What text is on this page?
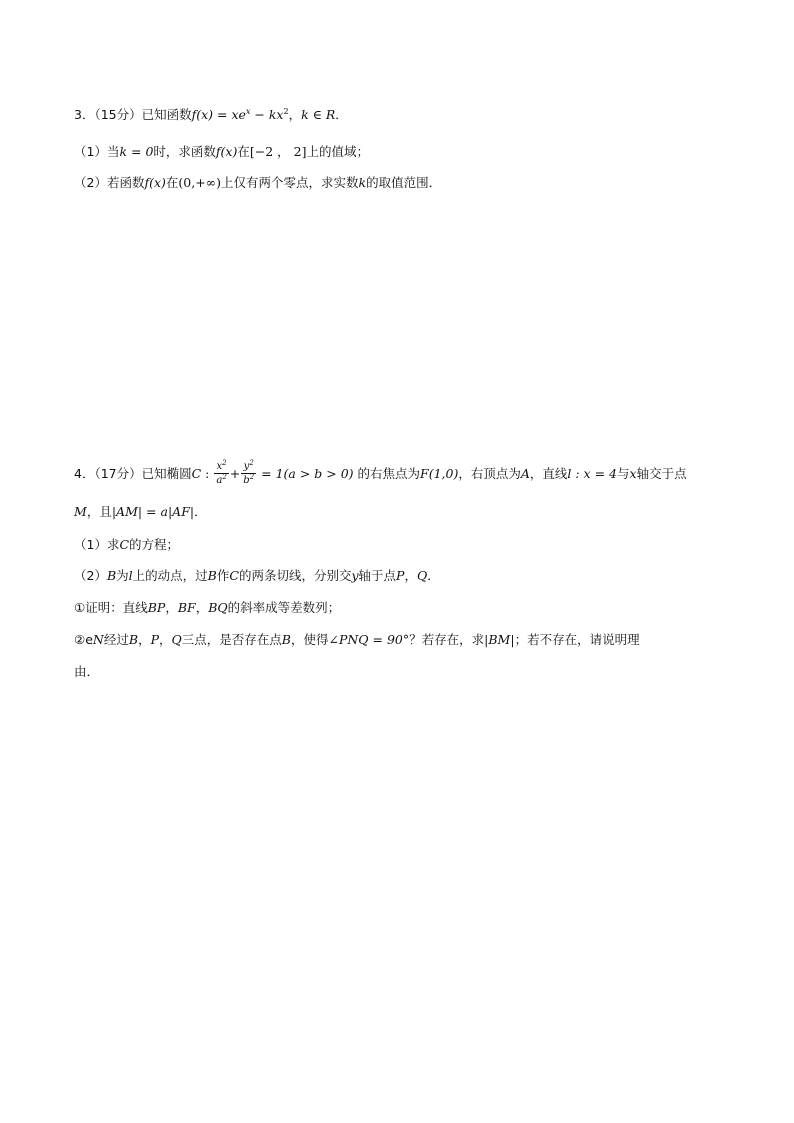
3．（15分）已知函数$f(x) = xe^x - kx^2$，k ∈ R．
（1）当k = 0时，求函数f(x)在[−2 ， 2]上的值域；
（2）若函数f(x)在(0,+∞)上仅有两个零点，求实数k的取值范围．
4．（17分）已知椭圆C : $\frac{x^2}{a^2} + \frac{y^2}{b^2} = 1(a > b > 0)$ 的右焦点为F(1,0)，右顶点为A，直线l : x = 4与x轴交于点
M，且|AM| = a|AF|．
（1）求C的方程；
（2）B为l上的动点，过B作C的两条切线，分别交y轴于点P，Q．
①证明：直线BP，BF，BQ的斜率成等差数列；
②eN经过B，P，Q三点，是否存在点B，使得∠PNQ = 90°？若存在，求|BM|；若不存在，请说明理
由．
